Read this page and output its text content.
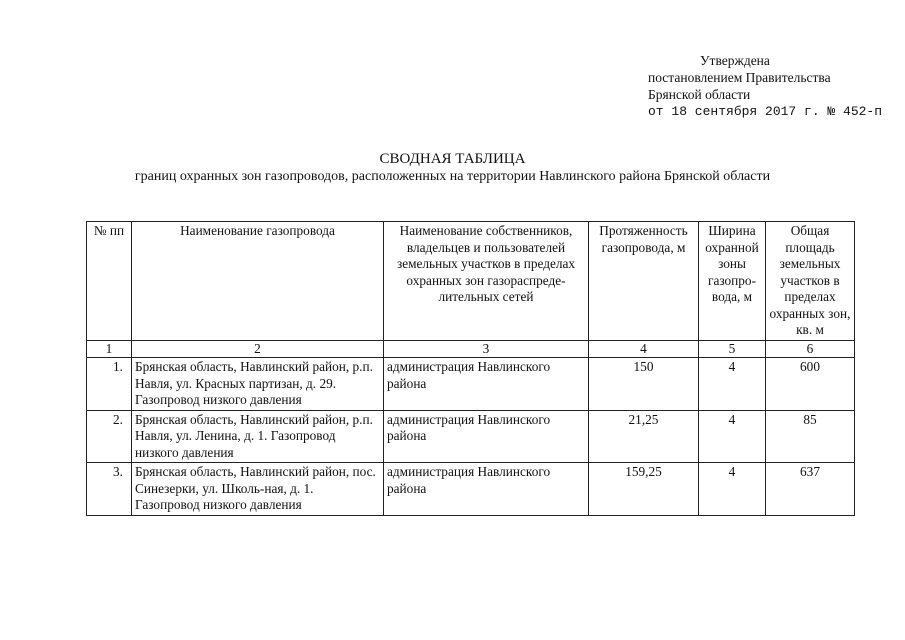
Утверждена
постановлением Правительства
Брянской области
от 18 сентября 2017 г. № 452-п
СВОДНАЯ ТАБЛИЦА
границ охранных зон газопроводов, расположенных на территории Навлинского района Брянской области
№ пп	Наименование газопровода	Наименование собственников, владельцев и пользователей земельных участков в пределах охранных зон газораспреде-лительных сетей	Протяженность газопровода, м	Ширина охранной зоны газопро-вода, м	Общая площадь земельных участков в пределах охранных зон, кв. м
1	2	3	4	5	6
1.	Брянская область, Навлинский район, р.п. Навля, ул. Красных партизан, д. 29. Газопровод низкого давления	администрация Навлинского района	150	4	600
2.	Брянская область, Навлинский район, р.п. Навля, ул. Ленина, д. 1. Газопровод низкого давления	администрация Навлинского района	21,25	4	85
3.	Брянская область, Навлинский район, пос. Синезерки, ул. Школь-ная, д. 1. Газопровод низкого давления	администрация Навлинского района	159,25	4	637
